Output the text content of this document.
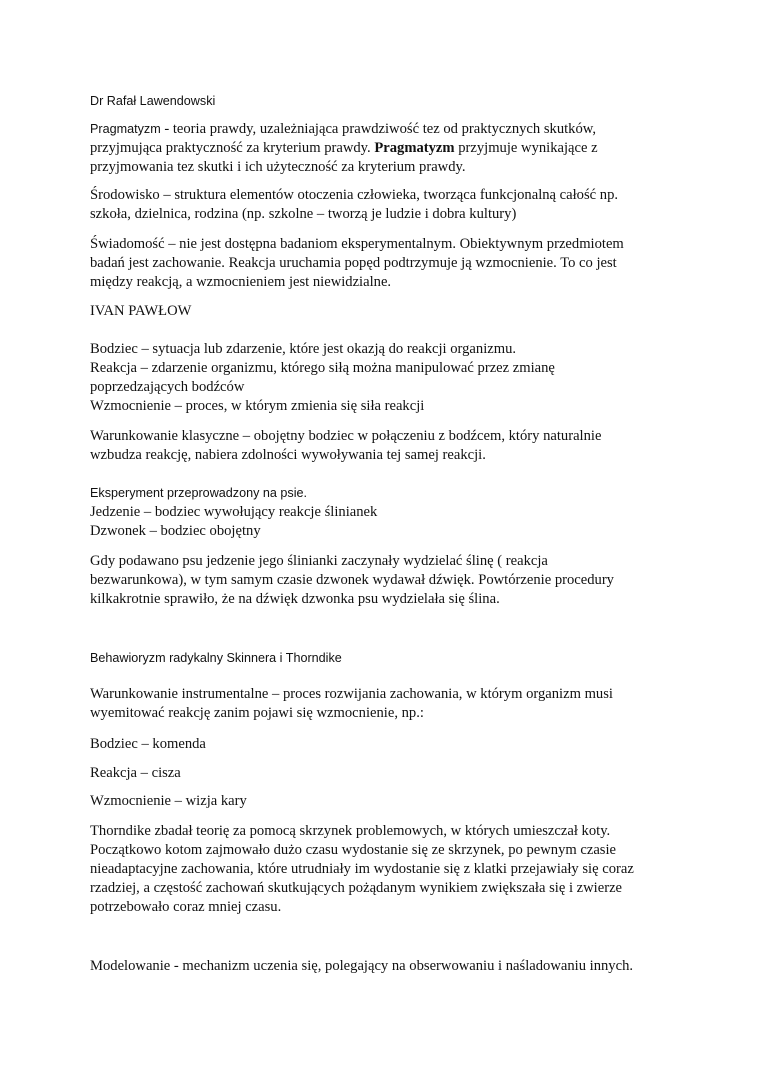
Dr Rafał Lawendowski

Pragmatyzm - teoria prawdy, uzależniająca prawdziwość tez od praktycznych skutków,
przyjmująca praktyczność za kryterium prawdy. Pragmatyzm przyjmuje wynikające z
przyjmowania tez skutki i ich użyteczność za kryterium prawdy.

Środowisko – struktura elementów otoczenia człowieka, tworząca funkcjonalną całość np.
szkoła, dzielnica, rodzina (np. szkolne – tworzą je ludzie i dobra kultury)

Świadomość – nie jest dostępna badaniom eksperymentalnym. Obiektywnym przedmiotem
badań jest zachowanie. Reakcja uruchamia popęd podtrzymuje ją wzmocnienie. To co jest
między reakcją, a wzmocnieniem jest niewidzialne.

IVAN PAWŁOW

Bodziec – sytuacja lub zdarzenie, które jest okazją do reakcji organizmu.
Reakcja – zdarzenie organizmu, którego siłą można manipulować przez zmianę
poprzedzających bodźców
Wzmocnienie – proces, w którym zmienia się siła reakcji

Warunkowanie klasyczne – obojętny bodziec w połączeniu z bodźcem, który naturalnie
wzbudza reakcję, nabiera zdolności wywoływania tej samej reakcji.

Eksperyment przeprowadzony na psie.
Jedzenie – bodziec wywołujący reakcje ślinianek
Dzwonek – bodziec obojętny

Gdy podawano psu jedzenie jego ślinianki zaczynały wydzielać ślinę ( reakcja
bezwarunkowa), w tym samym czasie dzwonek wydawał dźwięk. Powtórzenie procedury
kilkakrotnie sprawiło, że na dźwięk dzwonka psu wydzielała się ślina.

Behawioryzm radykalny Skinnera i Thorndike

Warunkowanie instrumentalne – proces rozwijania zachowania, w którym organizm musi
wyemitować reakcję zanim pojawi się wzmocnienie, np.:

Bodziec – komenda

Reakcja – cisza

Wzmocnienie – wizja kary

Thorndike zbadał teorię za pomocą skrzynek problemowych, w których umieszczał koty.
Początkowo kotom zajmowało dużo czasu wydostanie się ze skrzynek, po pewnym czasie
nieadaptacyjne zachowania, które utrudniały im wydostanie się z klatki przejawiały się coraz
rzadziej, a częstość zachowań skutkujących pożądanym wynikiem zwiększała się i zwierze
potrzebowało coraz mniej czasu.

Modelowanie - mechanizm uczenia się, polegający na obserwowaniu i naśladowaniu innych.
